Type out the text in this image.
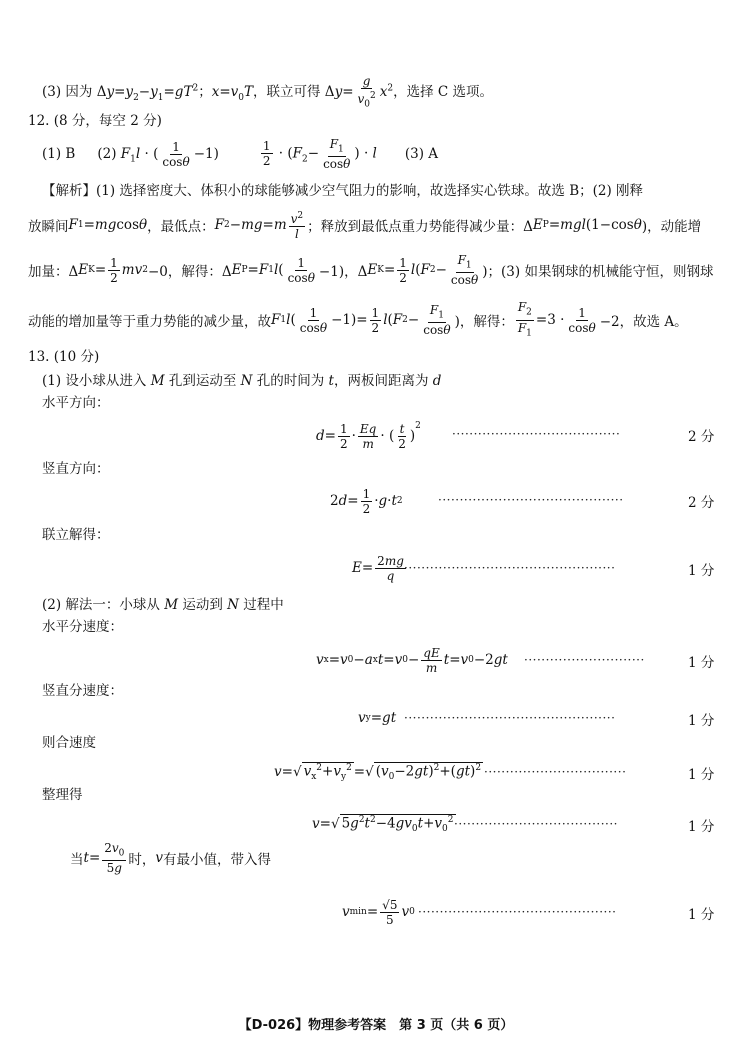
(3) 因为 $\Delta y=y_2-y_1=gT^2$；$x=v_0T$，联立可得 $\Delta y= \frac{g}{v_0^2} x^2$，选择 C 选项。
12. (8 分，每空 2 分)
(1) B (2) $F_1l$ · ( $\frac{1}{\cos\theta} -1$)	$\frac{1}{2} \cdot (F_2- \frac{F_1}{\cos\theta}$ ) · l (3) A
【解析】(1) 选择密度大、体积小的球能够减少空气阻力的影响，故选择实心铁球。故选 B；(2) 刚释
放瞬间 F 1 = mg cos θ ，最低点： F 2 − mg = m $\frac{v^2}{l}$ ；释放到最低点重力势能得减少量：Δ E P = mgl (1−cos θ )，动能增
加量：Δ E $K = \frac{1}{2}$ mv 2 −0，解得：Δ E P = F 1 l ( $\frac{1}{\cos\theta} -1$)，Δ E $K = \frac{1}{2}$ l ( F $2 - \frac{F_1}{\cos\theta}$ )；(3) 如果钢球的机械能守恒，则钢球
动能的增加量等于重力势能的减少量，故 F 1 l ( $\frac{1}{\cos\theta} -1)= \frac{1}{2}$ l ( F $2 - \frac{F_1}{\cos\theta}$ )，解得： $\frac{F_2}{F_1} =3 \cdot \frac{1}{\cos\theta} -2$，故选 A。
13. (10 分)
(1) 设小球从进入 M 孔到运动至 N 孔的时间为 t，两板间距离为 d
水平方向：
$d = \frac{1}{2} \cdot \frac{Eq}{m}$ · ( $\frac{t}{2}$ )
$^2$
·······································	2 分
竖直方向：
2 $d = \frac{1}{2} \cdot g \cdot t$ 2	···········································	2 分
联立解得：
$E = \frac{2mg}{q}$
·················································	1 分
(2) 解法一：小球从 M 运动到 N 过程中
水平分速度：
v x = v 0 − a x t = v $0 - \frac{qE}{m}$ t = v 0 −2 gt ····························	1 分
竖直分速度：
v y = gt ·················································	1 分
则合速度
v = √ $v_x^2+v_y^2$ = √ $(v_0-2gt)^2+(gt)^2$ ·································	1 分
整理得
v = √ $5g^2t^2-4gv_0t+v_0^2$ ······································	1 分
当 $t = \frac{2v_0}{5g}$ 时， v 有最小值，带入得
v $\min = \frac{√5}{5}$ v 0 ··············································	1 分
【D-026】物理参考答案　第 3 页（共 6 页）
